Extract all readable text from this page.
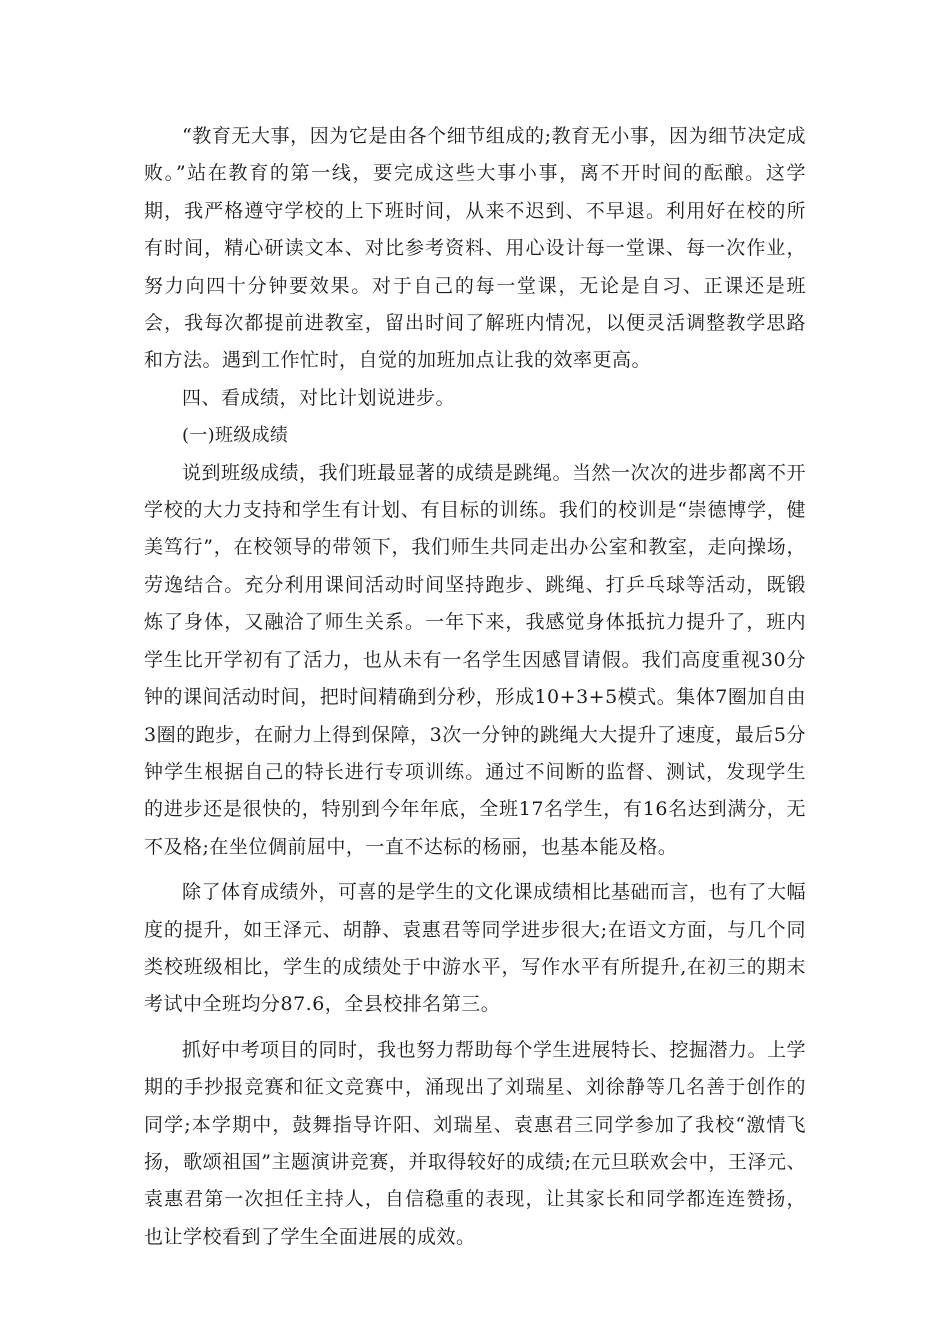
“教育无大事，因为它是由各个细节组成的;教育无小事，因为细节决定成败。”站在教育的第一线，要完成这些大事小事，离不开时间的酝酿。这学期，我严格遵守学校的上下班时间，从来不迟到、不早退。利用好在校的所有时间，精心研读文本、对比参考资料、用心设计每一堂课、每一次作业，努力向四十分钟要效果。对于自己的每一堂课，无论是自习、正课还是班会，我每次都提前进教室，留出时间了解班内情况，以便灵活调整教学思路和方法。遇到工作忙时，自觉的加班加点让我的效率更高。

四、看成绩，对比计划说进步。

(一)班级成绩

说到班级成绩，我们班最显著的成绩是跳绳。当然一次次的进步都离不开学校的大力支持和学生有计划、有目标的训练。我们的校训是“崇德博学，健美笃行”，在校领导的带领下，我们师生共同走出办公室和教室，走向操场，劳逸结合。充分利用课间活动时间坚持跑步、跳绳、打乒乓球等活动，既锻炼了身体，又融洽了师生关系。一年下来，我感觉身体抵抗力提升了，班内学生比开学初有了活力，也从未有一名学生因感冒请假。我们高度重视30分钟的课间活动时间，把时间精确到分秒，形成10+3+5模式。集体7圈加自由3圈的跑步，在耐力上得到保障，3次一分钟的跳绳大大提升了速度，最后5分钟学生根据自己的特长进行专项训练。通过不间断的监督、测试，发现学生的进步还是很快的，特别到今年年底，全班17名学生，有16名达到满分，无不及格;在坐位倜前屈中，一直不达标的杨丽，也基本能及格。

除了体育成绩外，可喜的是学生的文化课成绩相比基础而言，也有了大幅度的提升，如王泽元、胡静、袁惠君等同学进步很大;在语文方面，与几个同类校班级相比，学生的成绩处于中游水平，写作水平有所提升,在初三的期末考试中全班均分87.6，全县校排名第三。

抓好中考项目的同时，我也努力帮助每个学生进展特长、挖掘潜力。上学期的手抄报竞赛和征文竞赛中，涌现出了刘瑞星、刘徐静等几名善于创作的同学;本学期中，鼓舞指导许阳、刘瑞星、袁惠君三同学参加了我校“激情飞扬，歌颂祖国”主题演讲竞赛，并取得较好的成绩;在元旦联欢会中，王泽元、袁惠君第一次担任主持人，自信稳重的表现，让其家长和同学都连连赞扬，也让学校看到了学生全面进展的成效。
